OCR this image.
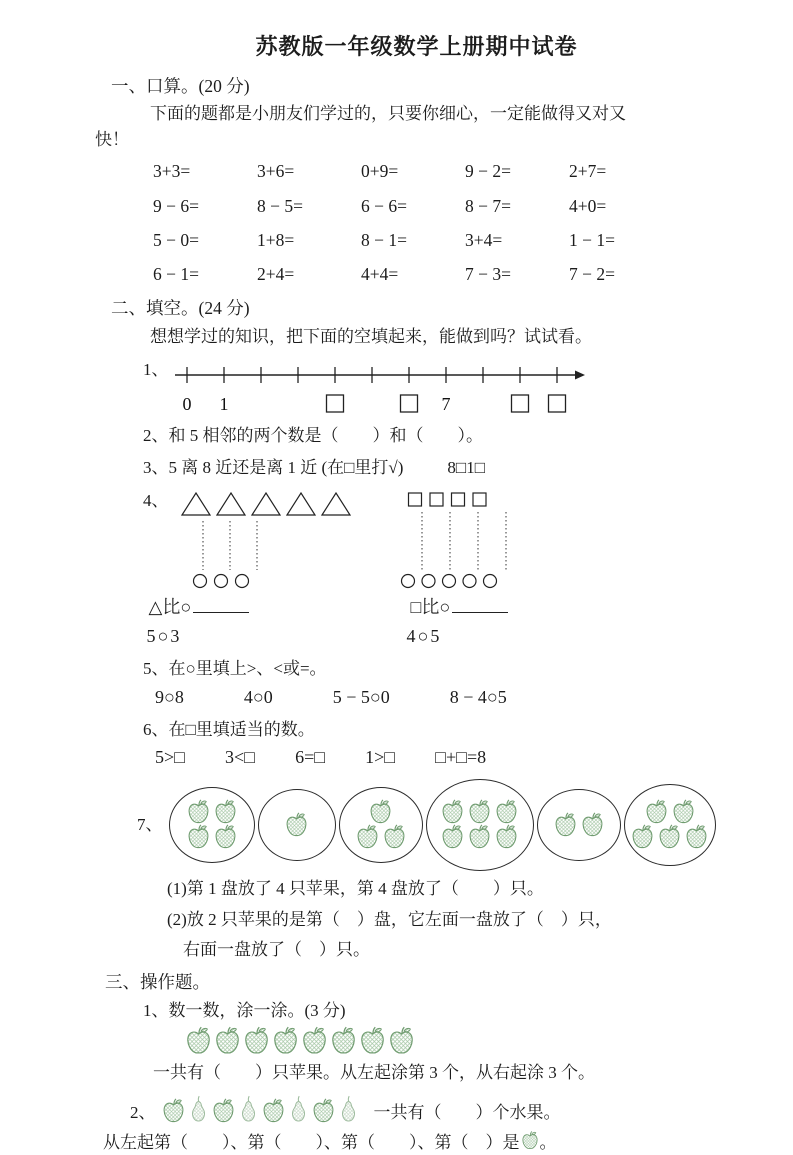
苏教版一年级数学上册期中试卷
一、口算。(20 分)

下面的题都是小朋友们学过的，只要你细心，一定能做得又对又

快！

3+3=	3+6=	0+9=	9 − 2=	2+7=
9 − 6=	8 − 5=	6 − 6=	8 − 7=	4+0=
5 − 0=	1+8=	8 − 1=	3+4=	1 − 1=
6 − 1=	2+4=	4+4=	7 − 3=	7 − 2=
二、填空。(24 分)

想想学过的知识，把下面的空填起来，能做到吗？试试看。

1、
0 1	7

2、和 5 相邻的两个数是（　　）和（　　）。

3、5 离 8 近还是离 1 近 (在□里打√)	8□1□

4、
△比○
5○3
□比○
4○5

5、在○里填上>、<或=。

9○8	4○0	5 − 5○0	8 − 4○5

6、在□里填适当的数。

5>□ 3<□ 6=□ 1>□ □+□=8
7、

(1)第 1 盘放了 4 只苹果，第 4 盘放了（　　）只。

(2)放 2 只苹果的是第（　）盘，它左面一盘放了（　）只，

右面一盘放了（　）只。

三、操作题。

1、数一数，涂一涂。(3 分)

一共有（　　）只苹果。从左起涂第 3 个，从右起涂 3 个。

2、	一共有（　　）个水果。

从左起第（　　）、第（　　）、第（　　）、第（　）是 。
